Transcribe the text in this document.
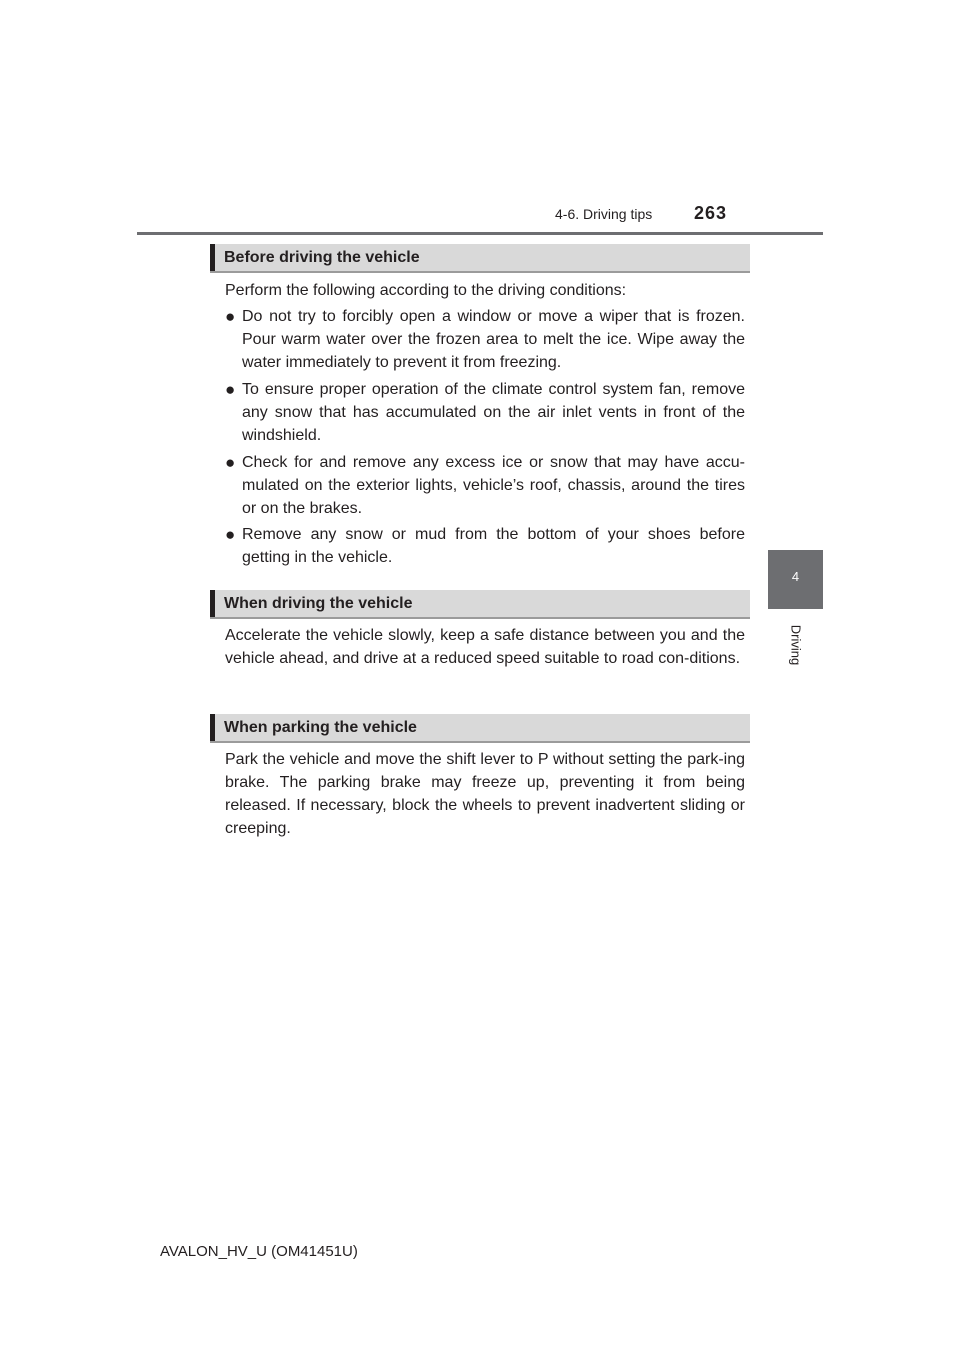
4-6. Driving tips 263
4
Driving
Before driving the vehicle

Perform the following according to the driving conditions:

● Do not try to forcibly open a window or move a wiper that is frozen. Pour warm water over the frozen area to melt the ice. Wipe away the water immediately to prevent it from freezing.
● To ensure proper operation of the climate control system fan, remove any snow that has accumulated on the air inlet vents in front of the windshield.
● Check for and remove any excess ice or snow that may have accu-mulated on the exterior lights, vehicle’s roof, chassis, around the tires or on the brakes.
● Remove any snow or mud from the bottom of your shoes before getting in the vehicle.
When driving the vehicle

Accelerate the vehicle slowly, keep a safe distance between you and the vehicle ahead, and drive at a reduced speed suitable to road con-ditions.

When parking the vehicle

Park the vehicle and move the shift lever to P without setting the park-ing brake. The parking brake may freeze up, preventing it from being released. If necessary, block the wheels to prevent inadvertent sliding or creeping.

AVALON_HV_U (OM41451U)
